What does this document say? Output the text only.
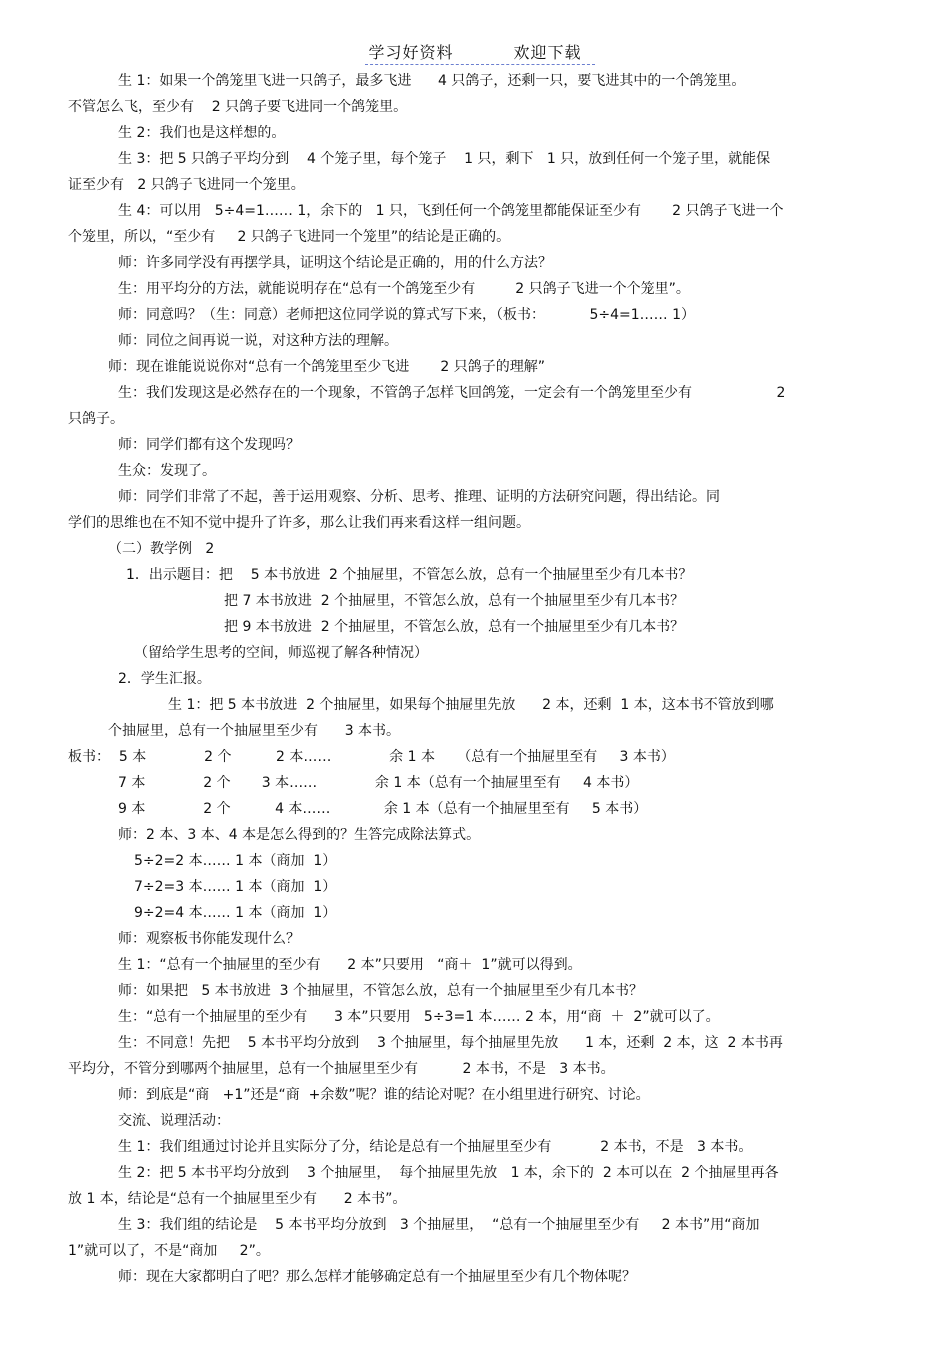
学习好资料	欢迎下载
生 1：如果一个鸽笼里飞进一只鸽子，最多飞进      4 只鸽子，还剩一只，要飞进其中的一个鸽笼里。
不管怎么飞，至少有    2 只鸽子要飞进同一个鸽笼里。
生 2：我们也是这样想的。
生 3：把 5 只鸽子平均分到    4 个笼子里，每个笼子    1 只，剩下   1 只，放到任何一个笼子里，就能保
证至少有   2 只鸽子飞进同一个笼里。
生 4：可以用   5÷4=1…… 1，余下的   1 只，飞到任何一个鸽笼里都能保证至少有       2 只鸽子飞进一个
个笼里，所以，“至少有     2 只鸽子飞进同一个笼里”的结论是正确的。
师：许多同学没有再摆学具，证明这个结论是正确的，用的什么方法？
生：用平均分的方法，就能说明存在“总有一个鸽笼至少有         2 只鸽子飞进一个个笼里”。
师：同意吗？（生：同意）老师把这位同学说的算式写下来，（板书：          5÷4=1…… 1）
师：同位之间再说一说，对这种方法的理解。
师：现在谁能说说你对“总有一个鸽笼里至少飞进       2 只鸽子的理解”
生：我们发现这是必然存在的一个现象，不管鸽子怎样飞回鸽笼，一定会有一个鸽笼里至少有                   2
只鸽子。
师：同学们都有这个发现吗？
生众：发现了。
师：同学们非常了不起，善于运用观察、分析、思考、推理、证明的方法研究问题，得出结论。同
学们的思维也在不知不觉中提升了许多，那么让我们再来看这样一组问题。
（二）教学例   2
1．出示题目：把    5 本书放进  2 个抽屉里，不管怎么放，总有一个抽屉里至少有几本书？
把 7 本书放进  2 个抽屉里，不管怎么放，总有一个抽屉里至少有几本书？
把 9 本书放进  2 个抽屉里，不管怎么放，总有一个抽屉里至少有几本书？
（留给学生思考的空间，师巡视了解各种情况）
2．学生汇报。
生 1：把 5 本书放进  2 个抽屉里，如果每个抽屉里先放      2 本，还剩  1 本，这本书不管放到哪
个抽屉里，总有一个抽屉里至少有      3 本书。
板书：  5 本             2 个          2 本……             余 1 本     （总有一个抽屉里至有     3 本书）
7 本             2 个       3 本……             余 1 本（总有一个抽屉里至有     4 本书）
9 本             2 个          4 本……            余 1 本（总有一个抽屉里至有     5 本书）
师：2 本、3 本、4 本是怎么得到的？生答完成除法算式。
5÷2=2 本…… 1 本（商加  1）
7÷2=3 本…… 1 本（商加  1）
9÷2=4 本…… 1 本（商加  1）
师：观察板书你能发现什么？
生 1：“总有一个抽屉里的至少有      2 本”只要用   “商＋  1”就可以得到。
师：如果把   5 本书放进  3 个抽屉里，不管怎么放，总有一个抽屉里至少有几本书？
生：“总有一个抽屉里的至少有      3 本”只要用   5÷3=1 本…… 2 本，用“商  ＋  2”就可以了。
生：不同意！先把    5 本书平均分放到    3 个抽屉里，每个抽屉里先放      1 本，还剩  2 本，这  2 本书再
平均分，不管分到哪两个抽屉里，总有一个抽屉里至少有          2 本书，不是   3 本书。
师：到底是“商   +1”还是“商  +余数”呢？谁的结论对呢？在小组里进行研究、讨论。
交流、说理活动：
生 1：我们组通过讨论并且实际分了分，结论是总有一个抽屉里至少有           2 本书，不是   3 本书。
生 2：把 5 本书平均分放到    3 个抽屉里，  每个抽屉里先放   1 本，余下的  2 本可以在  2 个抽屉里再各
放 1 本，结论是“总有一个抽屉里至少有      2 本书”。
生 3：我们组的结论是    5 本书平均分放到   3 个抽屉里，  “总有一个抽屉里至少有     2 本书”用“商加
1”就可以了，不是“商加     2”。
师：现在大家都明白了吧？那么怎样才能够确定总有一个抽屉里至少有几个物体呢？
